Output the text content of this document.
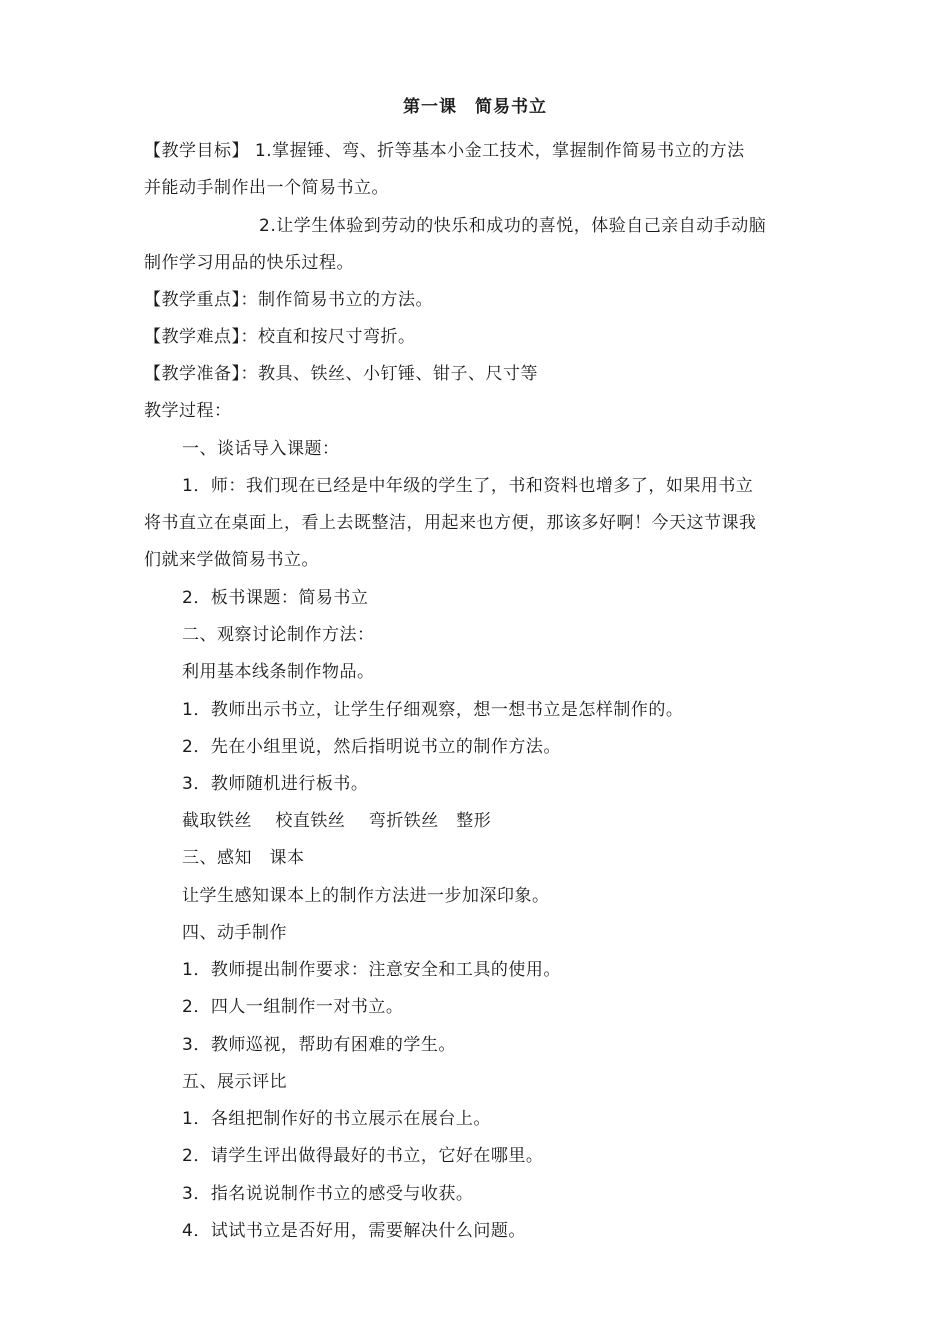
第一课　简易书立
【教学目标】 1.掌握锤、弯、折等基本小金工技术，掌握制作简易书立的方法
并能动手制作出一个简易书立。
2.让学生体验到劳动的快乐和成功的喜悦，体验自己亲自动手动脑
制作学习用品的快乐过程。
【教学重点】：制作简易书立的方法。
【教学难点】：校直和按尺寸弯折。
【教学准备】：教具、铁丝、小钉锤、钳子、尺寸等
教学过程：
一、谈话导入课题：
1．师：我们现在已经是中年级的学生了，书和资料也增多了，如果用书立
将书直立在桌面上，看上去既整洁，用起来也方便，那该多好啊！今天这节课我
们就来学做简易书立。
2．板书课题：简易书立
二、观察讨论制作方法：
利用基本线条制作物品。
1．教师出示书立，让学生仔细观察，想一想书立是怎样制作的。
2．先在小组里说，然后指明说书立的制作方法。
3．教师随机进行板书。
截取铁丝　 校直铁丝　 弯折铁丝　整形
三、感知　课本
让学生感知课本上的制作方法进一步加深印象。
四、动手制作
1．教师提出制作要求：注意安全和工具的使用。
2．四人一组制作一对书立。
3．教师巡视，帮助有困难的学生。
五、展示评比
1．各组把制作好的书立展示在展台上。
2．请学生评出做得最好的书立，它好在哪里。
3．指名说说制作书立的感受与收获。
4．试试书立是否好用，需要解决什么问题。
